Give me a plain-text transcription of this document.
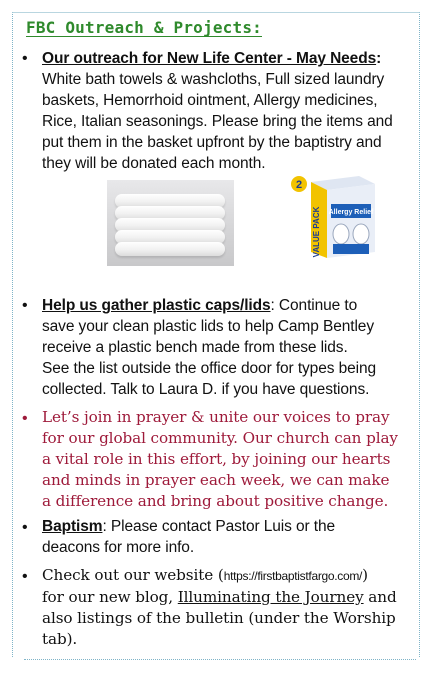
FBC Outreach & Projects:
• Our outreach for New Life Center - May Needs:
White bath towels & washcloths, Full sized laundry
baskets, Hemorrhoid ointment, Allergy medicines,
Rice, Italian seasonings. Please bring the items and
put them in the basket upfront by the baptistry and
they will be donated each month.
Allergy Relief
2
VALUE PACK
• Help us gather plastic caps/lids: Continue to
save your clean plastic lids to help Camp Bentley
receive a plastic bench made from these lids.
See the list outside the office door for types being
collected. Talk to Laura D. if you have questions.
• Let’s join in prayer & unite our voices to pray
for our global community. Our church can play
a vital role in this effort, by joining our hearts
and minds in prayer each week, we can make
a difference and bring about positive change.
• Baptism: Please contact Pastor Luis or the
deacons for more info.
• Check out our website (https://firstbaptistfargo.com/)
for our new blog, Illuminating the Journey and
also listings of the bulletin (under the Worship
tab).
